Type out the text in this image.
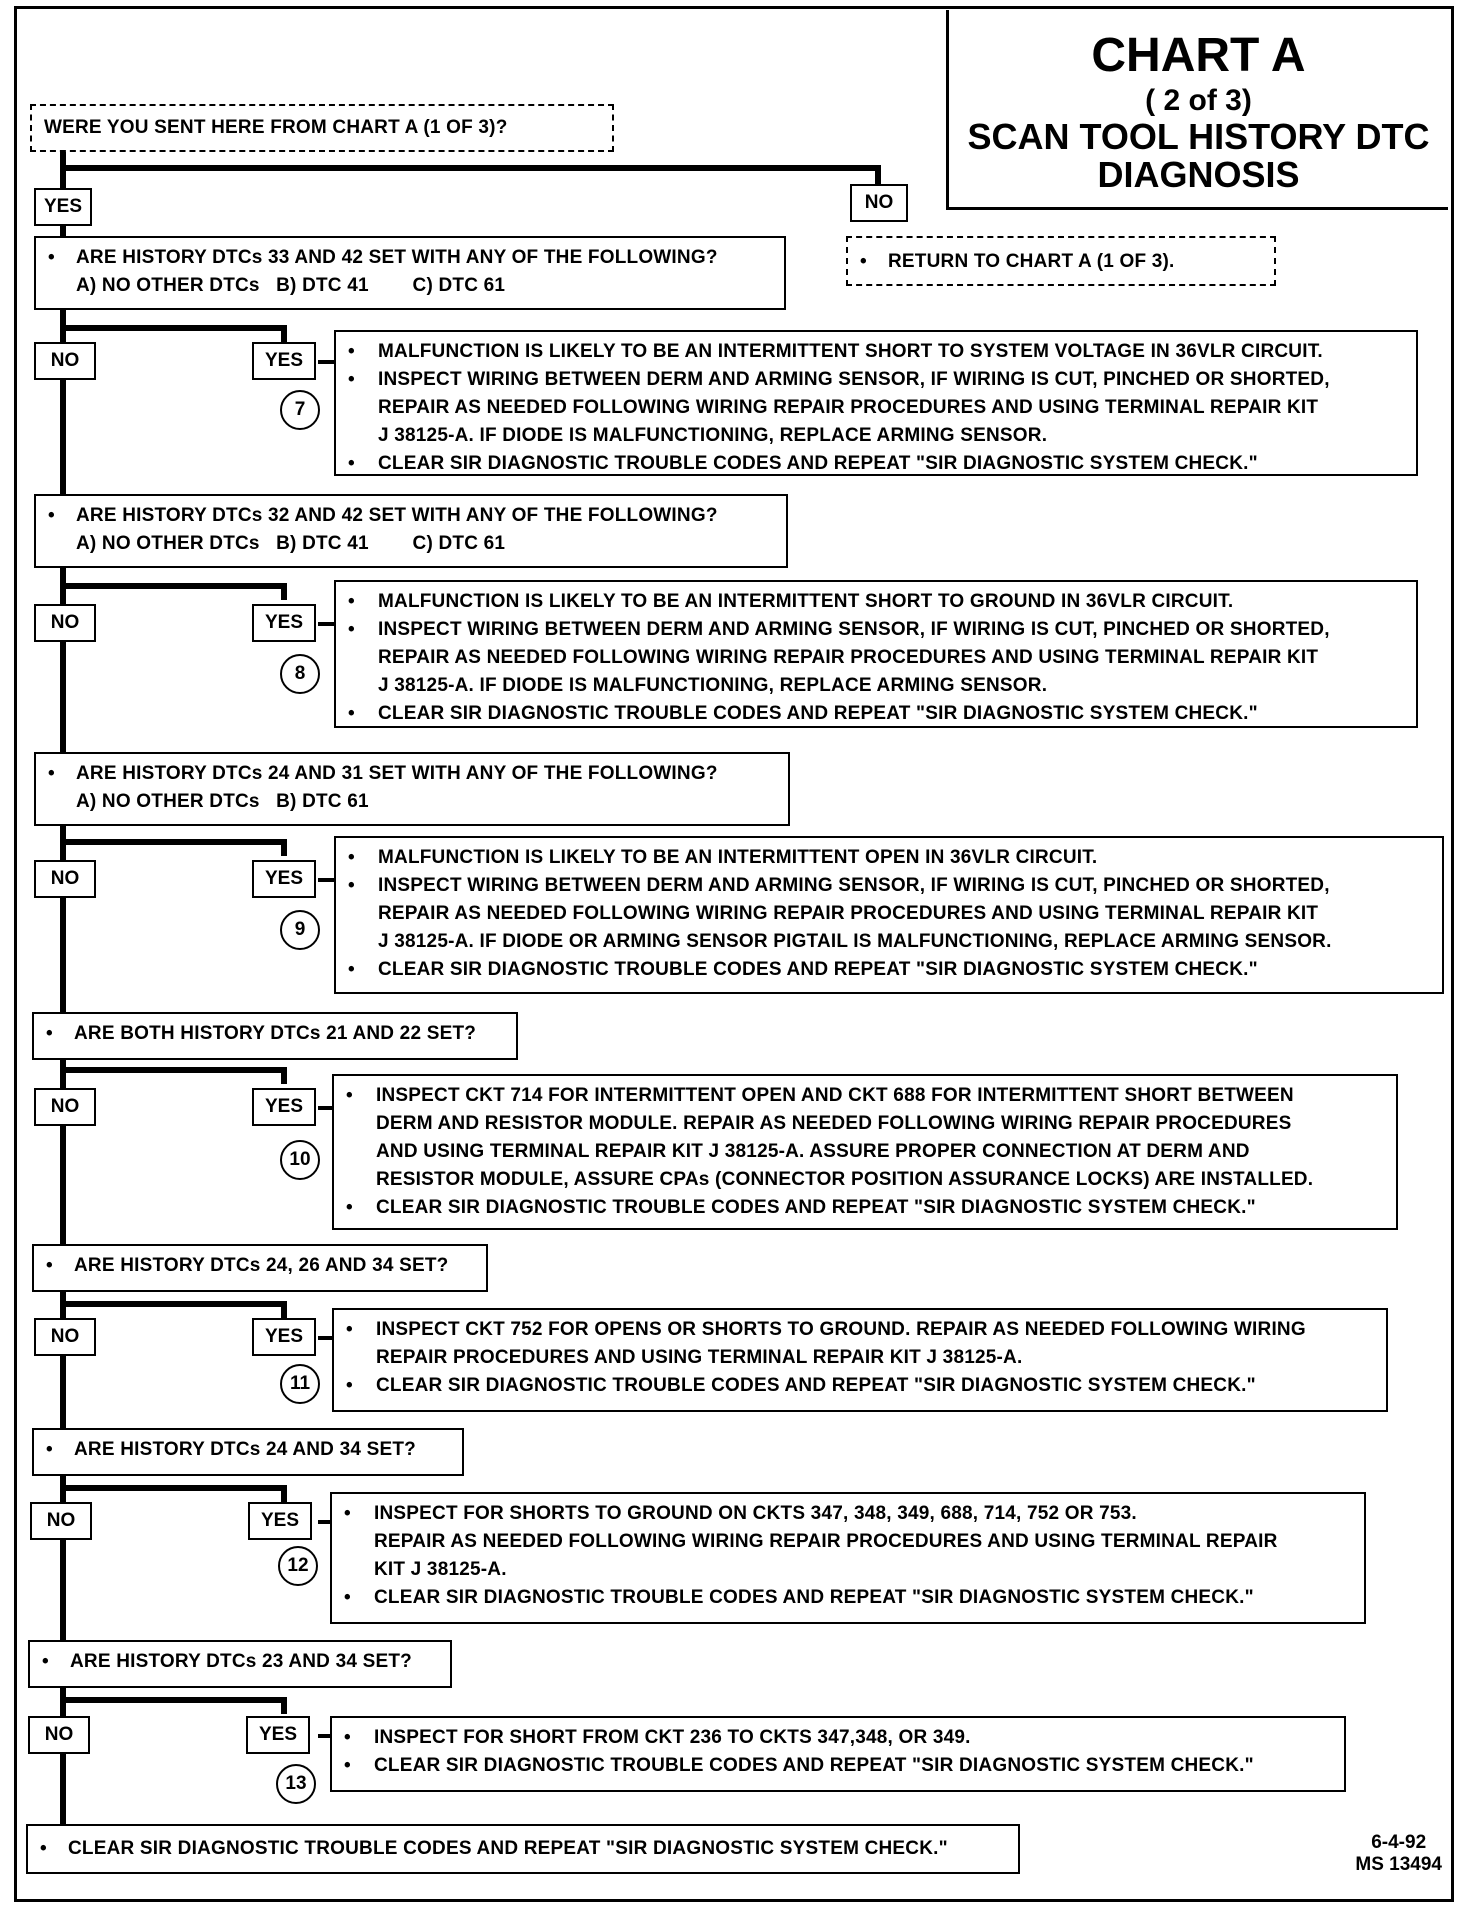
CHART A
( 2 of 3)
SCAN TOOL HISTORY DTC
DIAGNOSIS
WERE YOU SENT HERE FROM CHART A (1 OF 3)?
YES	NO
• RETURN TO CHART A (1 OF 3).
• ARE HISTORY DTCs 33 AND 42 SET WITH ANY OF THE FOLLOWING?
A) NO OTHER DTCs   B) DTC 41        C) DTC 61
NO	YES
7
• MALFUNCTION IS LIKELY TO BE AN INTERMITTENT SHORT TO SYSTEM VOLTAGE IN 36VLR CIRCUIT.
• INSPECT WIRING BETWEEN DERM AND ARMING SENSOR, IF WIRING IS CUT, PINCHED OR SHORTED,
REPAIR AS NEEDED FOLLOWING WIRING REPAIR PROCEDURES AND USING TERMINAL REPAIR KIT
J 38125-A. IF DIODE IS MALFUNCTIONING, REPLACE ARMING SENSOR.
• CLEAR SIR DIAGNOSTIC TROUBLE CODES AND REPEAT "SIR DIAGNOSTIC SYSTEM CHECK."
• ARE HISTORY DTCs 32 AND 42 SET WITH ANY OF THE FOLLOWING?
A) NO OTHER DTCs   B) DTC 41        C) DTC 61
NO	YES
8
• MALFUNCTION IS LIKELY TO BE AN INTERMITTENT SHORT TO GROUND IN 36VLR CIRCUIT.
• INSPECT WIRING BETWEEN DERM AND ARMING SENSOR, IF WIRING IS CUT, PINCHED OR SHORTED,
REPAIR AS NEEDED FOLLOWING WIRING REPAIR PROCEDURES AND USING TERMINAL REPAIR KIT
J 38125-A. IF DIODE IS MALFUNCTIONING, REPLACE ARMING SENSOR.
• CLEAR SIR DIAGNOSTIC TROUBLE CODES AND REPEAT "SIR DIAGNOSTIC SYSTEM CHECK."
• ARE HISTORY DTCs 24 AND 31 SET WITH ANY OF THE FOLLOWING?
A) NO OTHER DTCs   B) DTC 61
NO	YES
9
• MALFUNCTION IS LIKELY TO BE AN INTERMITTENT OPEN IN 36VLR CIRCUIT.
• INSPECT WIRING BETWEEN DERM AND ARMING SENSOR, IF WIRING IS CUT, PINCHED OR SHORTED,
REPAIR AS NEEDED FOLLOWING WIRING REPAIR PROCEDURES AND USING TERMINAL REPAIR KIT
J 38125-A. IF DIODE OR ARMING SENSOR PIGTAIL IS MALFUNCTIONING, REPLACE ARMING SENSOR.
• CLEAR SIR DIAGNOSTIC TROUBLE CODES AND REPEAT "SIR DIAGNOSTIC SYSTEM CHECK."
• ARE BOTH HISTORY DTCs 21 AND 22 SET?
NO	YES
10
• INSPECT CKT 714 FOR INTERMITTENT OPEN AND CKT 688 FOR INTERMITTENT SHORT BETWEEN
DERM AND RESISTOR MODULE. REPAIR AS NEEDED FOLLOWING WIRING REPAIR PROCEDURES
AND USING TERMINAL REPAIR KIT J 38125-A. ASSURE PROPER CONNECTION AT DERM AND
RESISTOR MODULE, ASSURE CPAs (CONNECTOR POSITION ASSURANCE LOCKS) ARE INSTALLED.
• CLEAR SIR DIAGNOSTIC TROUBLE CODES AND REPEAT "SIR DIAGNOSTIC SYSTEM CHECK."
• ARE HISTORY DTCs 24, 26 AND 34 SET?
NO	YES
11
• INSPECT CKT 752 FOR OPENS OR SHORTS TO GROUND. REPAIR AS NEEDED FOLLOWING WIRING
REPAIR PROCEDURES AND USING TERMINAL REPAIR KIT J 38125-A.
• CLEAR SIR DIAGNOSTIC TROUBLE CODES AND REPEAT "SIR DIAGNOSTIC SYSTEM CHECK."
• ARE HISTORY DTCs 24 AND 34 SET?
NO	YES
12
• INSPECT FOR SHORTS TO GROUND ON CKTS 347, 348, 349, 688, 714, 752 OR 753.
REPAIR AS NEEDED FOLLOWING WIRING REPAIR PROCEDURES AND USING TERMINAL REPAIR
KIT J 38125-A.
• CLEAR SIR DIAGNOSTIC TROUBLE CODES AND REPEAT "SIR DIAGNOSTIC SYSTEM CHECK."
• ARE HISTORY DTCs 23 AND 34 SET?
NO	YES
13
• INSPECT FOR SHORT FROM CKT 236 TO CKTS 347,348, OR 349.
• CLEAR SIR DIAGNOSTIC TROUBLE CODES AND REPEAT "SIR DIAGNOSTIC SYSTEM CHECK."
• CLEAR SIR DIAGNOSTIC TROUBLE CODES AND REPEAT "SIR DIAGNOSTIC SYSTEM CHECK."	6-4-92
MS 13494
